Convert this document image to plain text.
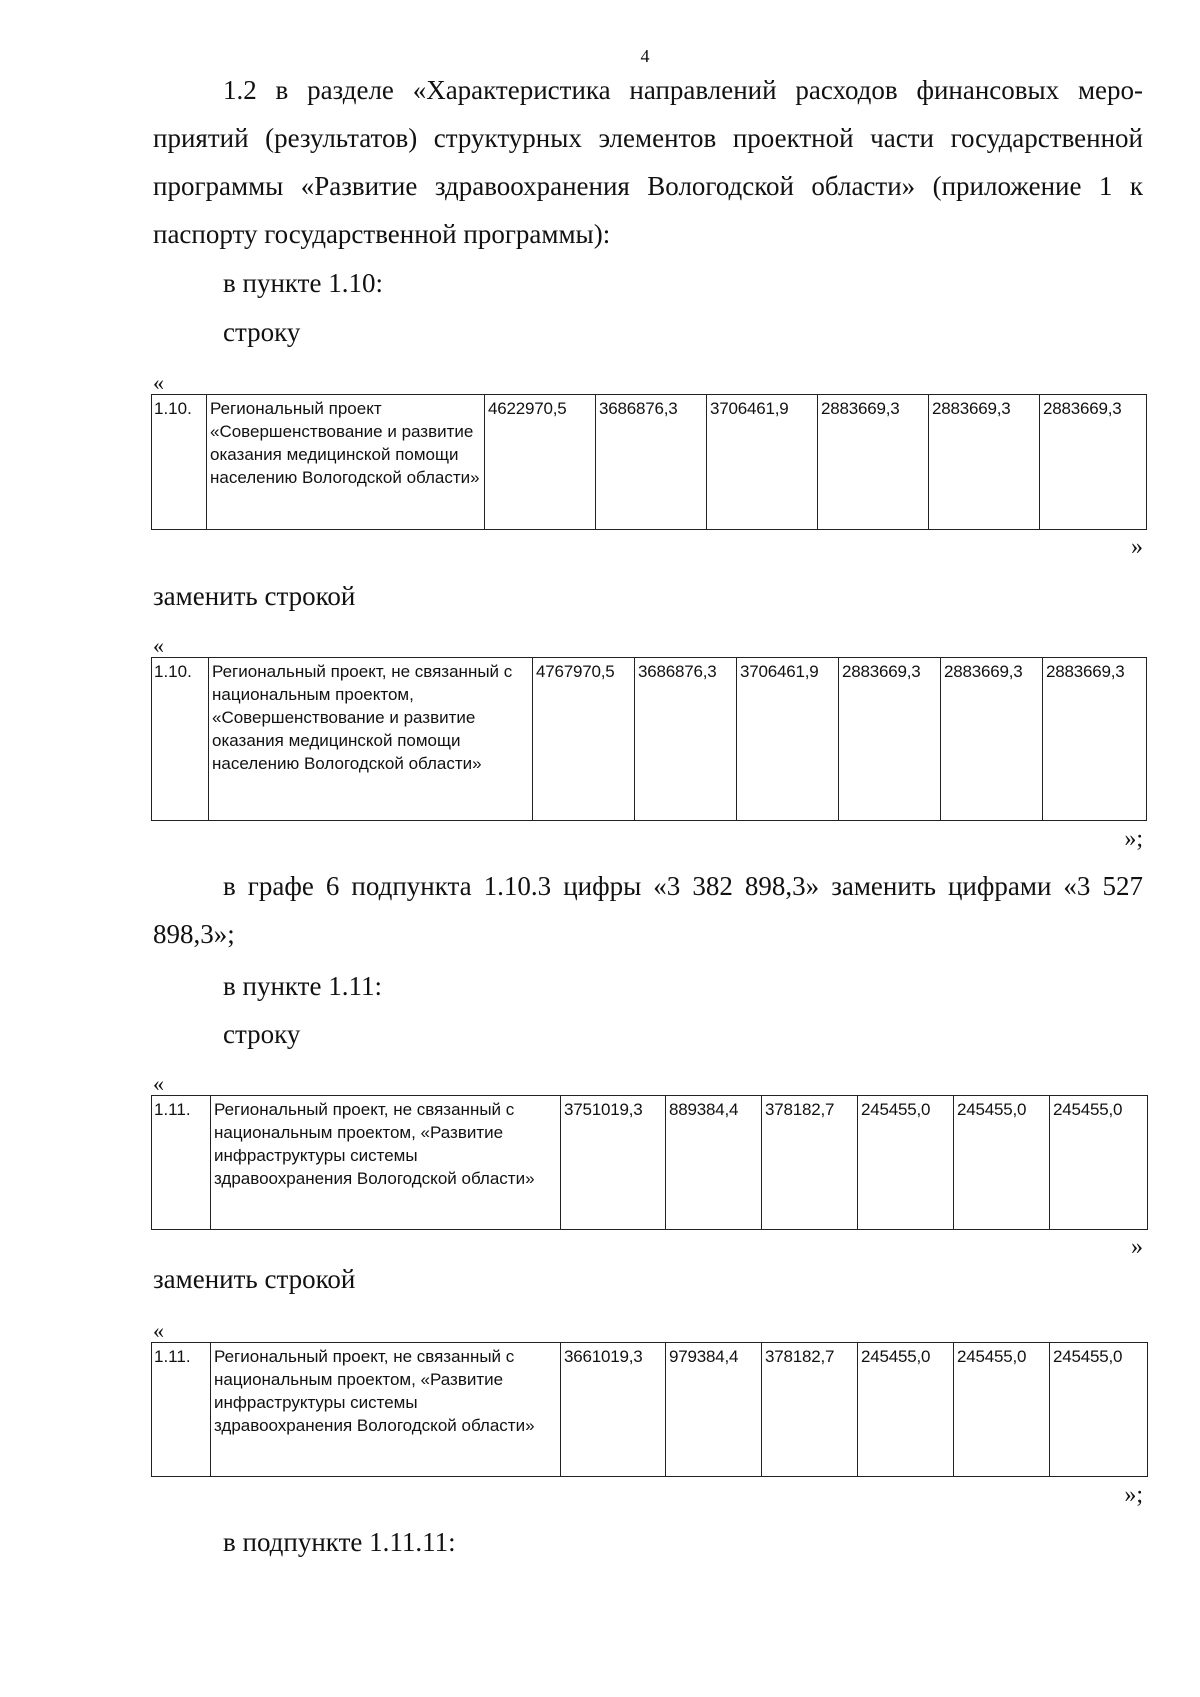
4
1.2 в разделе «Характеристика направлений расходов финансовых меро- приятий (результатов) структурных элементов проектной части государственной программы «Развитие здравоохранения Вологодской области» (приложение 1 к паспорту государственной программы):
в пункте 1.10:
строку
«
1.10.	Региональный проект «Совершенствование и развитие оказания медицинской помощи населению Вологодской области»	4622970,5	3686876,3	3706461,9	2883669,3	2883669,3	2883669,3
»
заменить строкой
«
1.10.	Региональный проект, не связанный с национальным проектом, «Совершенствование и развитие оказания медицинской помощи населению Вологодской области»	4767970,5	3686876,3	3706461,9	2883669,3	2883669,3	2883669,3
»;
в графе 6 подпункта 1.10.3 цифры «3 382 898,3» заменить цифрами «3 527 898,3»;
в пункте 1.11:
строку
«
1.11.	Региональный проект, не связанный с национальным проектом, «Развитие инфраструктуры системы здравоохранения Вологодской области»	3751019,3	889384,4	378182,7	245455,0	245455,0	245455,0
»
заменить строкой
«
1.11.	Региональный проект, не связанный с национальным проектом, «Развитие инфраструктуры системы здравоохранения Вологодской области»	3661019,3	979384,4	378182,7	245455,0	245455,0	245455,0
»;
в подпункте 1.11.11:
